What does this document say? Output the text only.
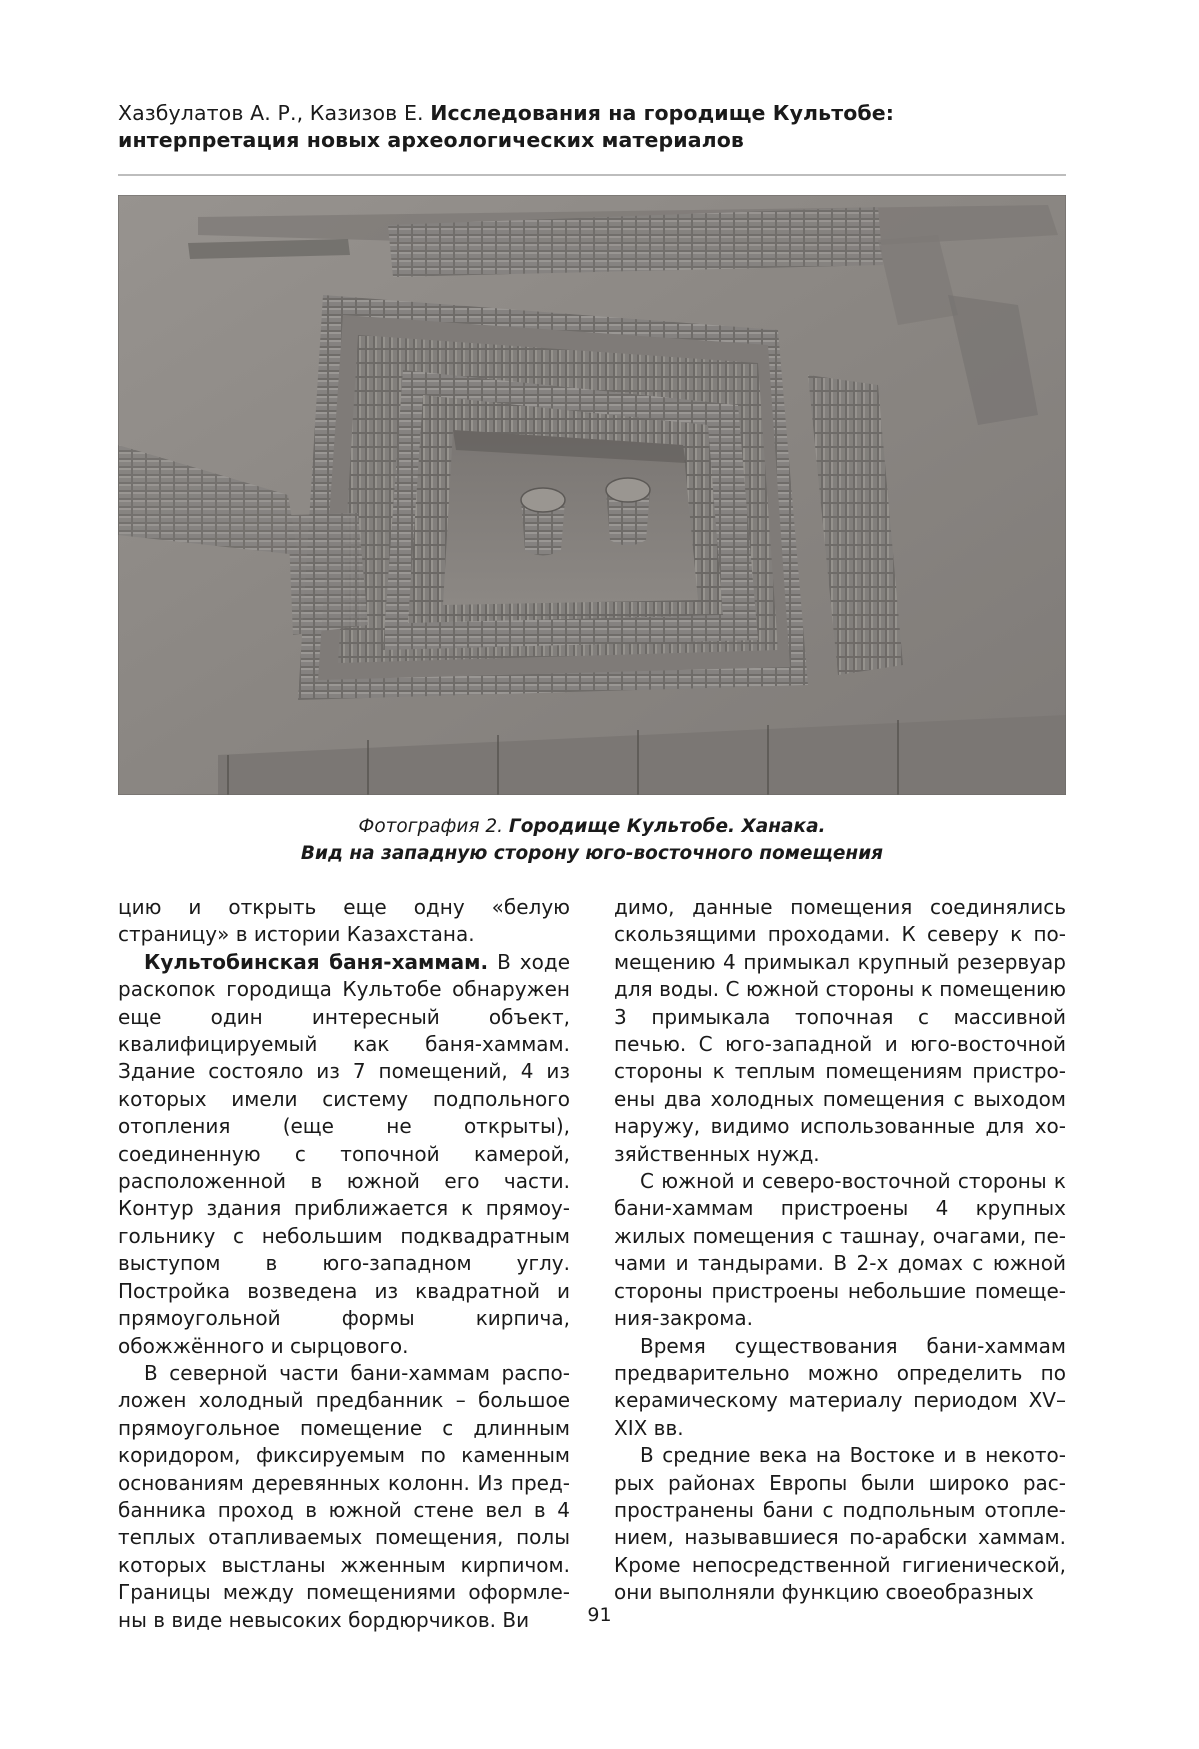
Хазбулатов А. Р., Казизов Е. Исследования на городище Культобе: интерпретация новых археологических материалов
Фотография 2. Городище Культобе. Ханака.
Вид на западную сторону юго-восточного помещения

цию и открыть еще одну «белую страницу» в истории Казахстана.

Культобинская баня-хаммам. В ходе раскопок городища Культобе обнаружен еще один интересный объект, квалифицируемый как баня-хаммам. Здание состояло из 7 помещений, 4 из которых имели систему подпольного отопления (еще не открыты), соединенную с топочной камерой, расположенной в южной его части. Контур здания приближается к прямоугольнику с небольшим подквадратным выступом в юго-западном углу. Постройка возведена из квадратной и прямоугольной формы кирпича, обожжённого и сырцового.

В северной части бани-хаммам расположен холодный предбанник – большое прямоугольное помещение с длинным коридором, фиксируемым по каменным основаниям деревянных колонн. Из предбанника проход в южной стене вел в 4 теплых отапливаемых помещения, полы которых выстланы жженным кирпичом. Границы между помещениями оформлены в виде невысоких бордюрчиков. Ви

димо, данные помещения соединялись скользящими проходами. К северу к помещению 4 примыкал крупный резервуар для воды. С южной стороны к помещению 3 примыкала топочная с массивной печью. С юго-западной и юго-восточной стороны к теплым помещениям пристроены два холодных помещения с выходом наружу, видимо использованные для хозяйственных нужд.

С южной и северо-восточной стороны к бани-хаммам пристроены 4 крупных жилых помещения с ташнау, очагами, печами и тандырами. В 2-х домах с южной стороны пристроены небольшие помещения-закрома.

Время существования бани-хаммам предварительно можно определить по керамическому материалу периодом XV–XIX вв.

В средние века на Востоке и в некоторых районах Европы были широко распространены бани с подпольным отоплением, называвшиеся по-арабски хаммам. Кроме непосредственной гигиенической, они выполняли функцию своеобразных

91
